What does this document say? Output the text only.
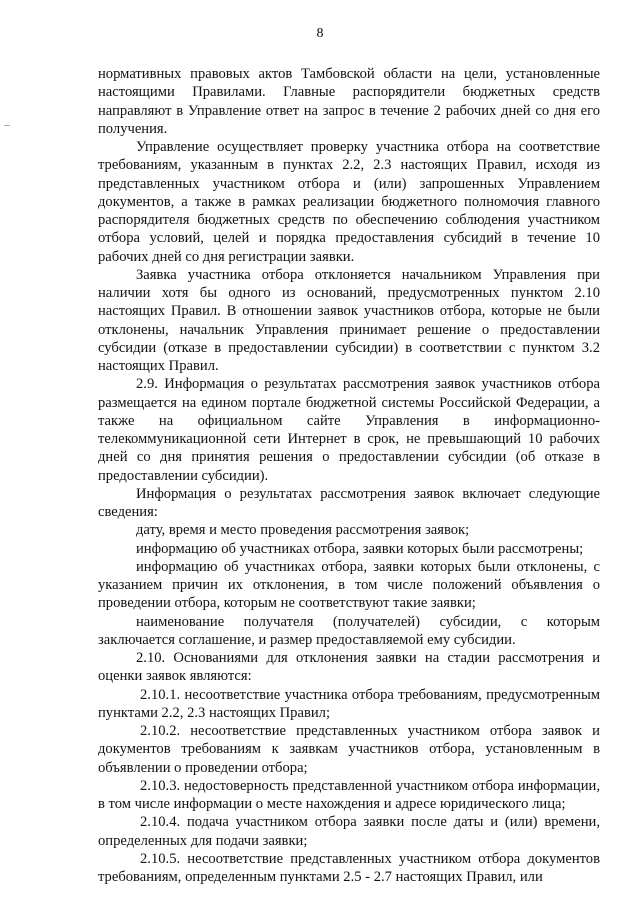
8
–

нормативных правовых актов Тамбовской области на цели, установленные настоящими Правилами. Главные распорядители бюджетных средств направляют в Управление ответ на запрос в течение 2 рабочих дней со дня его получения.

Управление осуществляет проверку участника отбора на соответствие требованиям, указанным в пунктах 2.2, 2.3 настоящих Правил, исходя из представленных участником отбора и (или) запрошенных Управлением документов, а также в рамках реализации бюджетного полномочия главного распорядителя бюджетных средств по обеспечению соблюдения участником отбора условий, целей и порядка предоставления субсидий в течение 10 рабочих дней со дня регистрации заявки.

Заявка участника отбора отклоняется начальником Управления при наличии хотя бы одного из оснований, предусмотренных пунктом 2.10 настоящих Правил. В отношении заявок участников отбора, которые не были отклонены, начальник Управления принимает решение о предоставлении субсидии (отказе в предоставлении субсидии) в соответствии с пунктом 3.2 настоящих Правил.

2.9. Информация о результатах рассмотрения заявок участников отбора размещается на едином портале бюджетной системы Российской Федерации, а также на официальном сайте Управления в информационно-телекоммуникационной сети Интернет в срок, не превышающий 10 рабочих дней со дня принятия решения о предоставлении субсидии (об отказе в предоставлении субсидии).

Информация о результатах рассмотрения заявок включает следующие сведения:

дату, время и место проведения рассмотрения заявок;

информацию об участниках отбора, заявки которых были рассмотрены;

информацию об участниках отбора, заявки которых были отклонены, с указанием причин их отклонения, в том числе положений объявления о проведении отбора, которым не соответствуют такие заявки;

наименование получателя (получателей) субсидии, с которым заключается соглашение, и размер предоставляемой ему субсидии.

2.10. Основаниями для отклонения заявки на стадии рассмотрения и оценки заявок являются:

2.10.1. несоответствие участника отбора требованиям, предусмотренным пунктами 2.2, 2.3 настоящих Правил;

2.10.2. несоответствие представленных участником отбора заявок и документов требованиям к заявкам участников отбора, установленным в объявлении о проведении отбора;

2.10.3. недостоверность представленной участником отбора информации, в том числе информации о месте нахождения и адресе юридического лица;

2.10.4. подача участником отбора заявки после даты и (или) времени, определенных для подачи заявки;

2.10.5. несоответствие представленных участником отбора документов требованиям, определенным пунктами 2.5 - 2.7 настоящих Правил, или
